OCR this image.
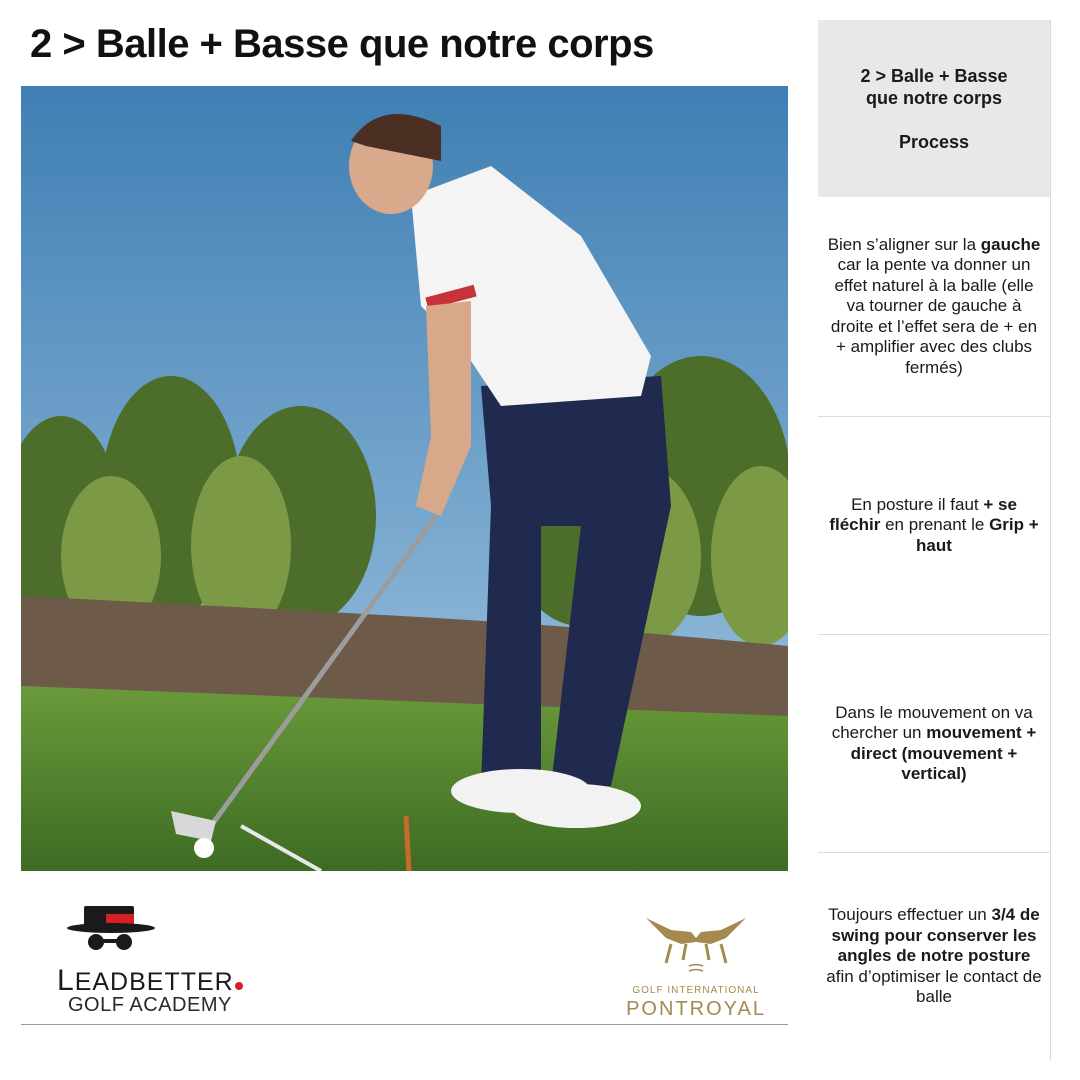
2 > Balle + Basse que notre corps
LEADBETTER
GOLF ACADEMY
GOLF INTERNATIONAL
PONTROYAL
2 > Balle + Basse que notre corps
Process
Bien s’aligner sur la gauche car la pente va donner un effet naturel à la balle (elle va tourner de gauche à droite et l’effet sera de + en + amplifier avec des clubs fermés)
En posture il faut + se fléchir en prenant le Grip + haut
Dans le mouvement on va chercher un mouvement + direct (mouvement + vertical)
Toujours effectuer un 3/4 de swing pour conserver les angles de notre posture afin d’optimiser le contact de balle
